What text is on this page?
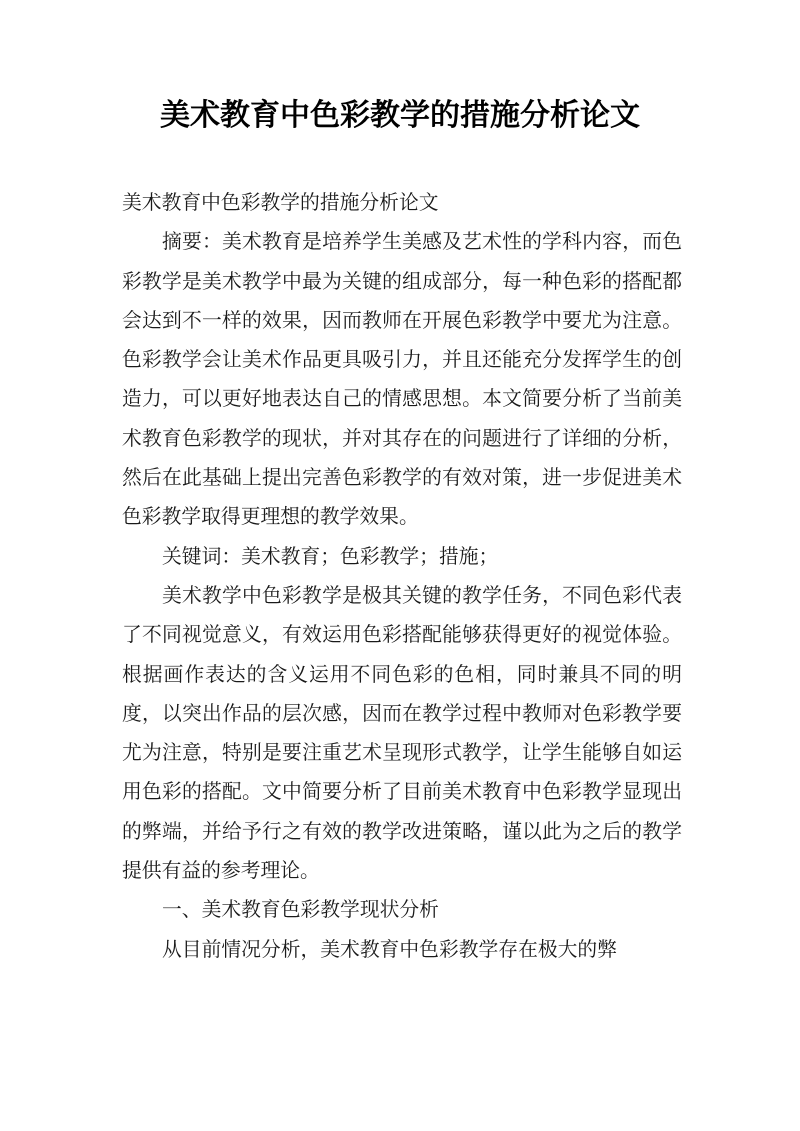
美术教育中色彩教学的措施分析论文

美术教育中色彩教学的措施分析论文

摘要：美术教育是培养学生美感及艺术性的学科内容，而色彩教学是美术教学中最为关键的组成部分，每一种色彩的搭配都会达到不一样的效果，因而教师在开展色彩教学中要尤为注意。色彩教学会让美术作品更具吸引力，并且还能充分发挥学生的创造力，可以更好地表达自己的情感思想。本文简要分析了当前美术教育色彩教学的现状，并对其存在的问题进行了详细的分析，然后在此基础上提出完善色彩教学的有效对策，进一步促进美术色彩教学取得更理想的教学效果。

关键词：美术教育；色彩教学；措施；

美术教学中色彩教学是极其关键的教学任务，不同色彩代表了不同视觉意义，有效运用色彩搭配能够获得更好的视觉体验。根据画作表达的含义运用不同色彩的色相，同时兼具不同的明度，以突出作品的层次感，因而在教学过程中教师对色彩教学要尤为注意，特别是要注重艺术呈现形式教学，让学生能够自如运用色彩的搭配。文中简要分析了目前美术教育中色彩教学显现出的弊端，并给予行之有效的教学改进策略，谨以此为之后的教学提供有益的参考理论。

一、美术教育色彩教学现状分析

从目前情况分析，美术教育中色彩教学存在极大的弊
